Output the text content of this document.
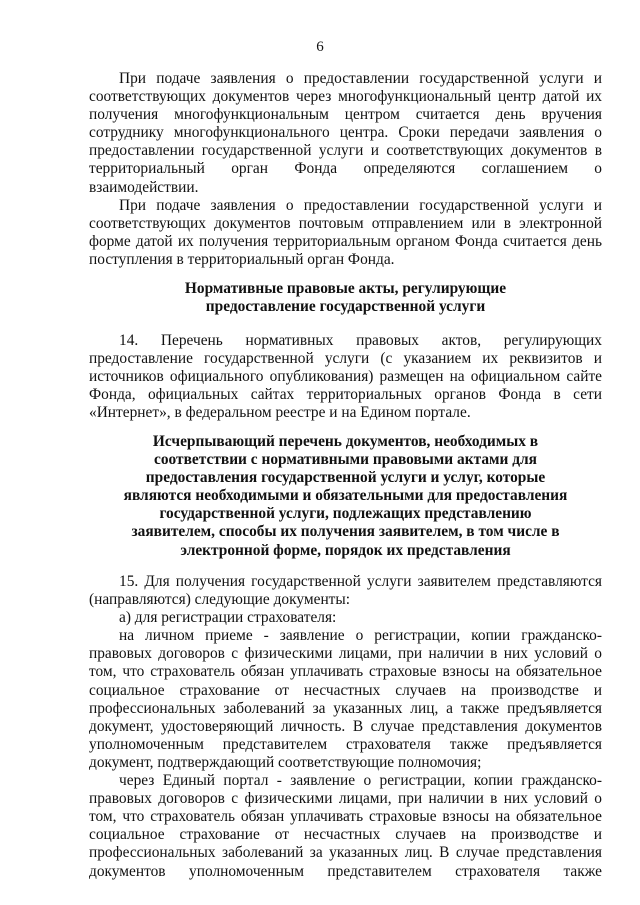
6

При подаче заявления о предоставлении государственной услуги и соответствующих документов через многофункциональный центр датой их получения многофункциональным центром считается день вручения сотруднику многофункционального центра. Сроки передачи заявления о предоставлении государственной услуги и соответствующих документов в территориальный орган Фонда определяются соглашением о взаимодействии.

При подаче заявления о предоставлении государственной услуги и соответствующих документов почтовым отправлением или в электронной форме датой их получения территориальным органом Фонда считается день поступления в территориальный орган Фонда.

Нормативные правовые акты, регулирующие предоставление государственной услуги

14. Перечень нормативных правовых актов, регулирующих предоставление государственной услуги (с указанием их реквизитов и источников официального опубликования) размещен на официальном сайте Фонда, официальных сайтах территориальных органов Фонда в сети «Интернет», в федеральном реестре и на Едином портале.

Исчерпывающий перечень документов, необходимых в соответствии с нормативными правовыми актами для предоставления государственной услуги и услуг, которые являются необходимыми и обязательными для предоставления государственной услуги, подлежащих представлению заявителем, способы их получения заявителем, в том числе в электронной форме, порядок их представления

15. Для получения государственной услуги заявителем представляются (направляются) следующие документы:

а) для регистрации страхователя:

на личном приеме - заявление о регистрации, копии гражданско-правовых договоров с физическими лицами, при наличии в них условий о том, что страхователь обязан уплачивать страховые взносы на обязательное социальное страхование от несчастных случаев на производстве и профессиональных заболеваний за указанных лиц, а также предъявляется документ, удостоверяющий личность. В случае представления документов уполномоченным представителем страхователя также предъявляется документ, подтверждающий соответствующие полномочия;

через Единый портал - заявление о регистрации, копии гражданско-правовых договоров с физическими лицами, при наличии в них условий о том, что страхователь обязан уплачивать страховые взносы на обязательное социальное страхование от несчастных случаев на производстве и профессиональных заболеваний за указанных лиц. В случае представления документов уполномоченным представителем страхователя также
